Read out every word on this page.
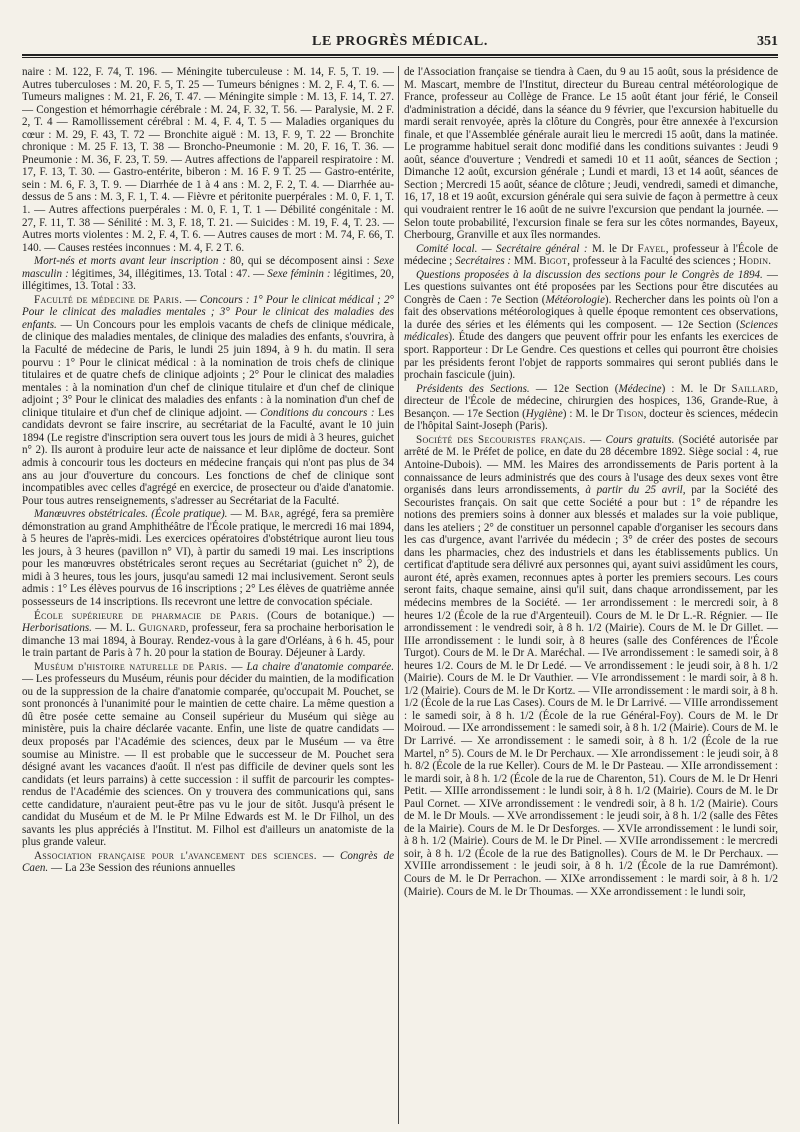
LE PROGRÈS MÉDICAL.	351

naire : M. 122, F. 74, T. 196. — Méningite tuberculeuse : M. 14, F. 5, T. 19. — Autres tuberculoses : M. 20, F. 5, T. 25 — Tumeurs bénignes : M. 2, F. 4, T. 6. — Tumeurs malignes : M. 21, F. 26, T. 47. — Méningite simple : M. 13, F. 14, T. 27. — Congestion et hémorrhagie cérébrale : M. 24, F. 32, T. 56. — Paralysie, M. 2 F. 2, T. 4 — Ramollissement cérébral : M. 4, F. 4, T. 5 — Maladies organiques du cœur : M. 29, F. 43, T. 72 — Bronchite aiguë : M. 13, F. 9, T. 22 — Bronchite chronique : M. 25 F. 13, T. 38 — Broncho-Pneumonie : M. 20, F. 16, T. 36. — Pneumonie : M. 36, F. 23, T. 59. — Autres affections de l'appareil respiratoire : M. 17, F. 13, T. 30. — Gastro-entérite, biberon : M. 16 F. 9 T. 25 — Gastro-entérite, sein : M. 6, F. 3, T. 9. — Diarrhée de 1 à 4 ans : M. 2, F. 2, T. 4. — Diarrhée au-dessus de 5 ans : M. 3, F. 1, T. 4. — Fièvre et péritonite puerpérales : M. 0, F. 1, T. 1. — Autres affections puerpérales : M. 0, F. 1, T. 1 — Débilité congénitale : M. 27, F. 11, T. 38 — Sénilité : M. 3, F. 18, T. 21. — Suicides : M. 19, F. 4, T. 23. — Autres morts violentes : M. 2, F. 4, T. 6. — Autres causes de mort : M. 74, F. 66, T. 140. — Causes restées inconnues : M. 4, F. 2 T. 6.

Mort-nés et morts avant leur inscription : 80, qui se décomposent ainsi : Sexe masculin : légitimes, 34, illégitimes, 13. Total : 47. — Sexe féminin : légitimes, 20, illégitimes, 13. Total : 33.

Faculté de médecine de Paris. — Concours : 1° Pour le clinicat médical ; 2° Pour le clinicat des maladies mentales ; 3° Pour le clinicat des maladies des enfants. — Un Concours pour les emplois vacants de chefs de clinique médicale, de clinique des maladies mentales, de clinique des maladies des enfants, s'ouvrira, à la Faculté de médecine de Paris, le lundi 25 juin 1894, à 9 h. du matin. Il sera pourvu : 1° Pour le clinicat médical : à la nomination de trois chefs de clinique titulaires et de quatre chefs de clinique adjoints ; 2° Pour le clinicat des maladies mentales : à la nomination d'un chef de clinique titulaire et d'un chef de clinique adjoint ; 3° Pour le clinicat des maladies des enfants : à la nomination d'un chef de clinique titulaire et d'un chef de clinique adjoint. — Conditions du concours : Les candidats devront se faire inscrire, au secrétariat de la Faculté, avant le 10 juin 1894 (Le registre d'inscription sera ouvert tous les jours de midi à 3 heures, guichet n° 2). Ils auront à produire leur acte de naissance et leur diplôme de docteur. Sont admis à concourir tous les docteurs en médecine français qui n'ont pas plus de 34 ans au jour d'ouverture du concours. Les fonctions de chef de clinique sont incompatibles avec celles d'agrégé en exercice, de prosecteur ou d'aide d'anatomie. Pour tous autres renseignements, s'adresser au Secrétariat de la Faculté.

Manœuvres obstétricales. (École pratique). — M. Bar, agrégé, fera sa première démonstration au grand Amphithéâtre de l'École pratique, le mercredi 16 mai 1894, à 5 heures de l'après-midi. Les exercices opératoires d'obstétrique auront lieu tous les jours, à 3 heures (pavillon n° VI), à partir du samedi 19 mai. Les inscriptions pour les manœuvres obstétricales seront reçues au Secrétariat (guichet n° 2), de midi à 3 heures, tous les jours, jusqu'au samedi 12 mai inclusivement. Seront seuls admis : 1° Les élèves pourvus de 16 inscriptions ; 2° Les élèves de quatrième année possesseurs de 14 inscriptions. Ils recevront une lettre de convocation spéciale.

École supérieure de pharmacie de Paris. (Cours de botanique.) — Herborisations. — M. L. Guignard, professeur, fera sa prochaine herborisation le dimanche 13 mai 1894, à Bouray. Rendez-vous à la gare d'Orléans, à 6 h. 45, pour le train partant de Paris à 7 h. 20 pour la station de Bouray. Déjeuner à Lardy.

Muséum d'histoire naturelle de Paris. — La chaire d'anatomie comparée. — Les professeurs du Muséum, réunis pour décider du maintien, de la modification ou de la suppression de la chaire d'anatomie comparée, qu'occupait M. Pouchet, se sont prononcés à l'unanimité pour le maintien de cette chaire. La même question a dû être posée cette semaine au Conseil supérieur du Muséum qui siège au ministère, puis la chaire déclarée vacante. Enfin, une liste de quatre candidats — deux proposés par l'Académie des sciences, deux par le Muséum — va être soumise au Ministre. — Il est probable que le successeur de M. Pouchet sera désigné avant les vacances d'août. Il n'est pas difficile de deviner quels sont les candidats (et leurs parrains) à cette succession : il suffit de parcourir les comptes-rendus de l'Académie des sciences. On y trouvera des communications qui, sans cette candidature, n'auraient peut-être pas vu le jour de sitôt. Jusqu'à présent le candidat du Muséum et de M. le Pr Milne Edwards est M. le Dr Filhol, un des savants les plus appréciés à l'Institut. M. Filhol est d'ailleurs un anatomiste de la plus grande valeur.

Association française pour l'avancement des sciences. — Congrès de Caen. — La 23e Session des réunions annuelles

de l'Association française se tiendra à Caen, du 9 au 15 août, sous la présidence de M. Mascart, membre de l'Institut, directeur du Bureau central météorologique de France, professeur au Collège de France. Le 15 août étant jour férié, le Conseil d'administration a décidé, dans la séance du 9 février, que l'excursion habituelle du mardi serait renvoyée, après la clôture du Congrès, pour être annexée à l'excursion finale, et que l'Assemblée générale aurait lieu le mercredi 15 août, dans la matinée. Le programme habituel serait donc modifié dans les conditions suivantes : Jeudi 9 août, séance d'ouverture ; Vendredi et samedi 10 et 11 août, séances de Section ; Dimanche 12 août, excursion générale ; Lundi et mardi, 13 et 14 août, séances de Section ; Mercredi 15 août, séance de clôture ; Jeudi, vendredi, samedi et dimanche, 16, 17, 18 et 19 août, excursion générale qui sera suivie de façon à permettre à ceux qui voudraient rentrer le 16 août de ne suivre l'excursion que pendant la journée. — Selon toute probabilité, l'excursion finale se fera sur les côtes normandes, Bayeux, Cherbourg, Granville et aux îles normandes.

Comité local. — Secrétaire général : M. le Dr Fayel, professeur à l'École de médecine ; Secrétaires : MM. Bigot, professeur à la Faculté des sciences ; Hodin.

Questions proposées à la discussion des sections pour le Congrès de 1894. — Les questions suivantes ont été proposées par les Sections pour être discutées au Congrès de Caen : 7e Section (Météorologie). Rechercher dans les points où l'on a fait des observations météorologiques à quelle époque remontent ces observations, la durée des séries et les éléments qui les composent. — 12e Section (Sciences médicales). Étude des dangers que peuvent offrir pour les enfants les exercices de sport. Rapporteur : Dr Le Gendre. Ces questions et celles qui pourront être choisies par les présidents feront l'objet de rapports sommaires qui seront publiés dans le prochain fascicule (juin).

Présidents des Sections. — 12e Section (Médecine) : M. le Dr Saillard, directeur de l'École de médecine, chirurgien des hospices, 136, Grande-Rue, à Besançon. — 17e Section (Hygiène) : M. le Dr Tison, docteur ès sciences, médecin de l'hôpital Saint-Joseph (Paris).

Société des Secouristes français. — Cours gratuits. (Société autorisée par arrêté de M. le Préfet de police, en date du 28 décembre 1892. Siège social : 4, rue Antoine-Dubois). — MM. les Maires des arrondissements de Paris portent à la connaissance de leurs administrés que des cours à l'usage des deux sexes vont être organisés dans leurs arrondissements, à partir du 25 avril, par la Société des Secouristes français. On sait que cette Société a pour but : 1° de répandre les notions des premiers soins à donner aux blessés et malades sur la voie publique, dans les ateliers ; 2° de constituer un personnel capable d'organiser les secours dans les cas d'urgence, avant l'arrivée du médecin ; 3° de créer des postes de secours dans les pharmacies, chez des industriels et dans les établissements publics. Un certificat d'aptitude sera délivré aux personnes qui, ayant suivi assidûment les cours, auront été, après examen, reconnues aptes à porter les premiers secours. Les cours seront faits, chaque semaine, ainsi qu'il suit, dans chaque arrondissement, par les médecins membres de la Société. — 1er arrondissement : le mercredi soir, à 8 heures 1/2 (École de la rue d'Argenteuil). Cours de M. le Dr L.-R. Régnier. — IIe arrondissement : le vendredi soir, à 8 h. 1/2 (Mairie). Cours de M. le Dr Gillet. — IIIe arrondissement : le lundi soir, à 8 heures (salle des Conférences de l'École Turgot). Cours de M. le Dr A. Maréchal. — IVe arrondissement : le samedi soir, à 8 heures 1/2. Cours de M. le Dr Ledé. — Ve arrondissement : le jeudi soir, à 8 h. 1/2 (Mairie). Cours de M. le Dr Vauthier. — VIe arrondissement : le mardi soir, à 8 h. 1/2 (Mairie). Cours de M. le Dr Kortz. — VIIe arrondissement : le mardi soir, à 8 h. 1/2 (École de la rue Las Cases). Cours de M. le Dr Larrivé. — VIIIe arrondissement : le samedi soir, à 8 h. 1/2 (École de la rue Général-Foy). Cours de M. le Dr Moiroud. — IXe arrondissement : le samedi soir, à 8 h. 1/2 (Mairie). Cours de M. le Dr Larrivé. — Xe arrondissement : le samedi soir, à 8 h. 1/2 (École de la rue Martel, n° 5). Cours de M. le Dr Perchaux. — XIe arrondissement : le jeudi soir, à 8 h. 8/2 (École de la rue Keller). Cours de M. le Dr Pasteau. — XIIe arrondissement : le mardi soir, à 8 h. 1/2 (École de la rue de Charenton, 51). Cours de M. le Dr Henri Petit. — XIIIe arrondissement : le lundi soir, à 8 h. 1/2 (Mairie). Cours de M. le Dr Paul Cornet. — XIVe arrondissement : le vendredi soir, à 8 h. 1/2 (Mairie). Cours de M. le Dr Mouls. — XVe arrondissement : le jeudi soir, à 8 h. 1/2 (salle des Fêtes de la Mairie). Cours de M. le Dr Desforges. — XVIe arrondissement : le lundi soir, à 8 h. 1/2 (Mairie). Cours de M. le Dr Pinel. — XVIIe arrondissement : le mercredi soir, à 8 h. 1/2 (École de la rue des Batignolles). Cours de M. le Dr Perchaux. — XVIIIe arrondissement : le jeudi soir, à 8 h. 1/2 (École de la rue Damrémont). Cours de M. le Dr Perrachon. — XIXe arrondissement : le mardi soir, à 8 h. 1/2 (Mairie). Cours de M. le Dr Thoumas. — XXe arrondissement : le lundi soir,
